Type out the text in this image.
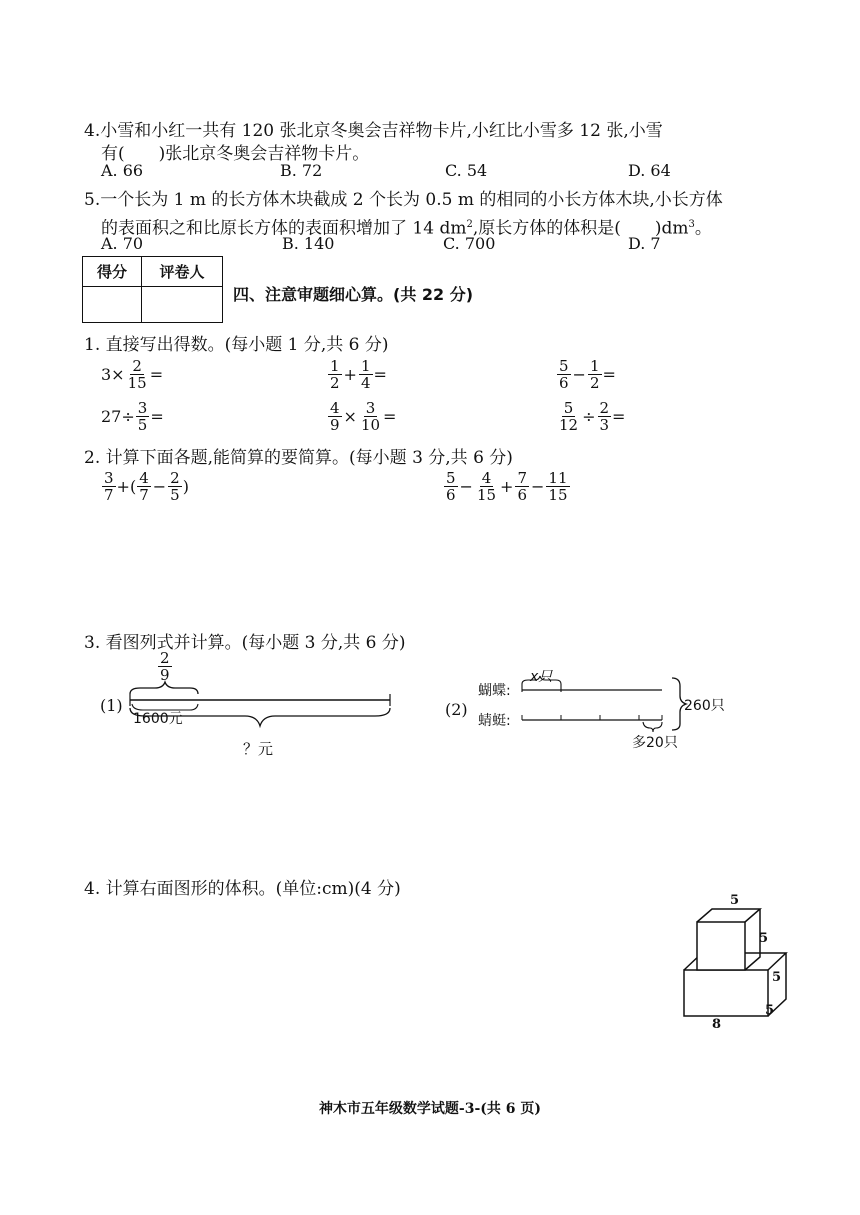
4.小雪和小红一共有 120 张北京冬奥会吉祥物卡片,小红比小雪多 12 张,小雪
有(　　)张北京冬奥会吉祥物卡片。
A. 66	B. 72	C. 54	D. 64
5.一个长为 1 m 的长方体木块截成 2 个长为 0.5 m 的相同的小长方体木块,小长方体
的表面积之和比原长方体的表面积增加了 14 $dm^2$,原长方体的体积是(　　)$dm^3$。
A. 70	B. 140	C. 700	D. 7
得分	评卷人

四、注意审题细心算。(共 22 分)
1. 直接写出得数。(每小题 1 分,共 6 分)
$3\times \frac{2}{15}$ =	$\frac{1}{2} + \frac{1}{4}$ =	$\frac{5}{6} - \frac{1}{2}$ =
$27\div \frac{3}{5}$ =	$\frac{4}{9} \times \frac{3}{10}$ =	$\frac{5}{12} \div \frac{2}{3}$ =
2. 计算下面各题,能简算的要简算。(每小题 3 分,共 6 分)
$\frac{3}{7}$ +( $\frac{4}{7} - \frac{2}{5}$ )	$\frac{5}{6} - \frac{4}{15} + \frac{7}{6} - \frac{11}{15}$
3. 看图列式并计算。(每小题 3 分,共 6 分)
(1)
$\frac{2}{9}$
1600元
？元
(2)
蝴蝶:
蜻蜓:
x只
260只
多20只
4. 计算右面图形的体积。(单位:cm)(4 分)
5
5
5
5
8
神木市五年级数学试题-3-(共 6 页)
